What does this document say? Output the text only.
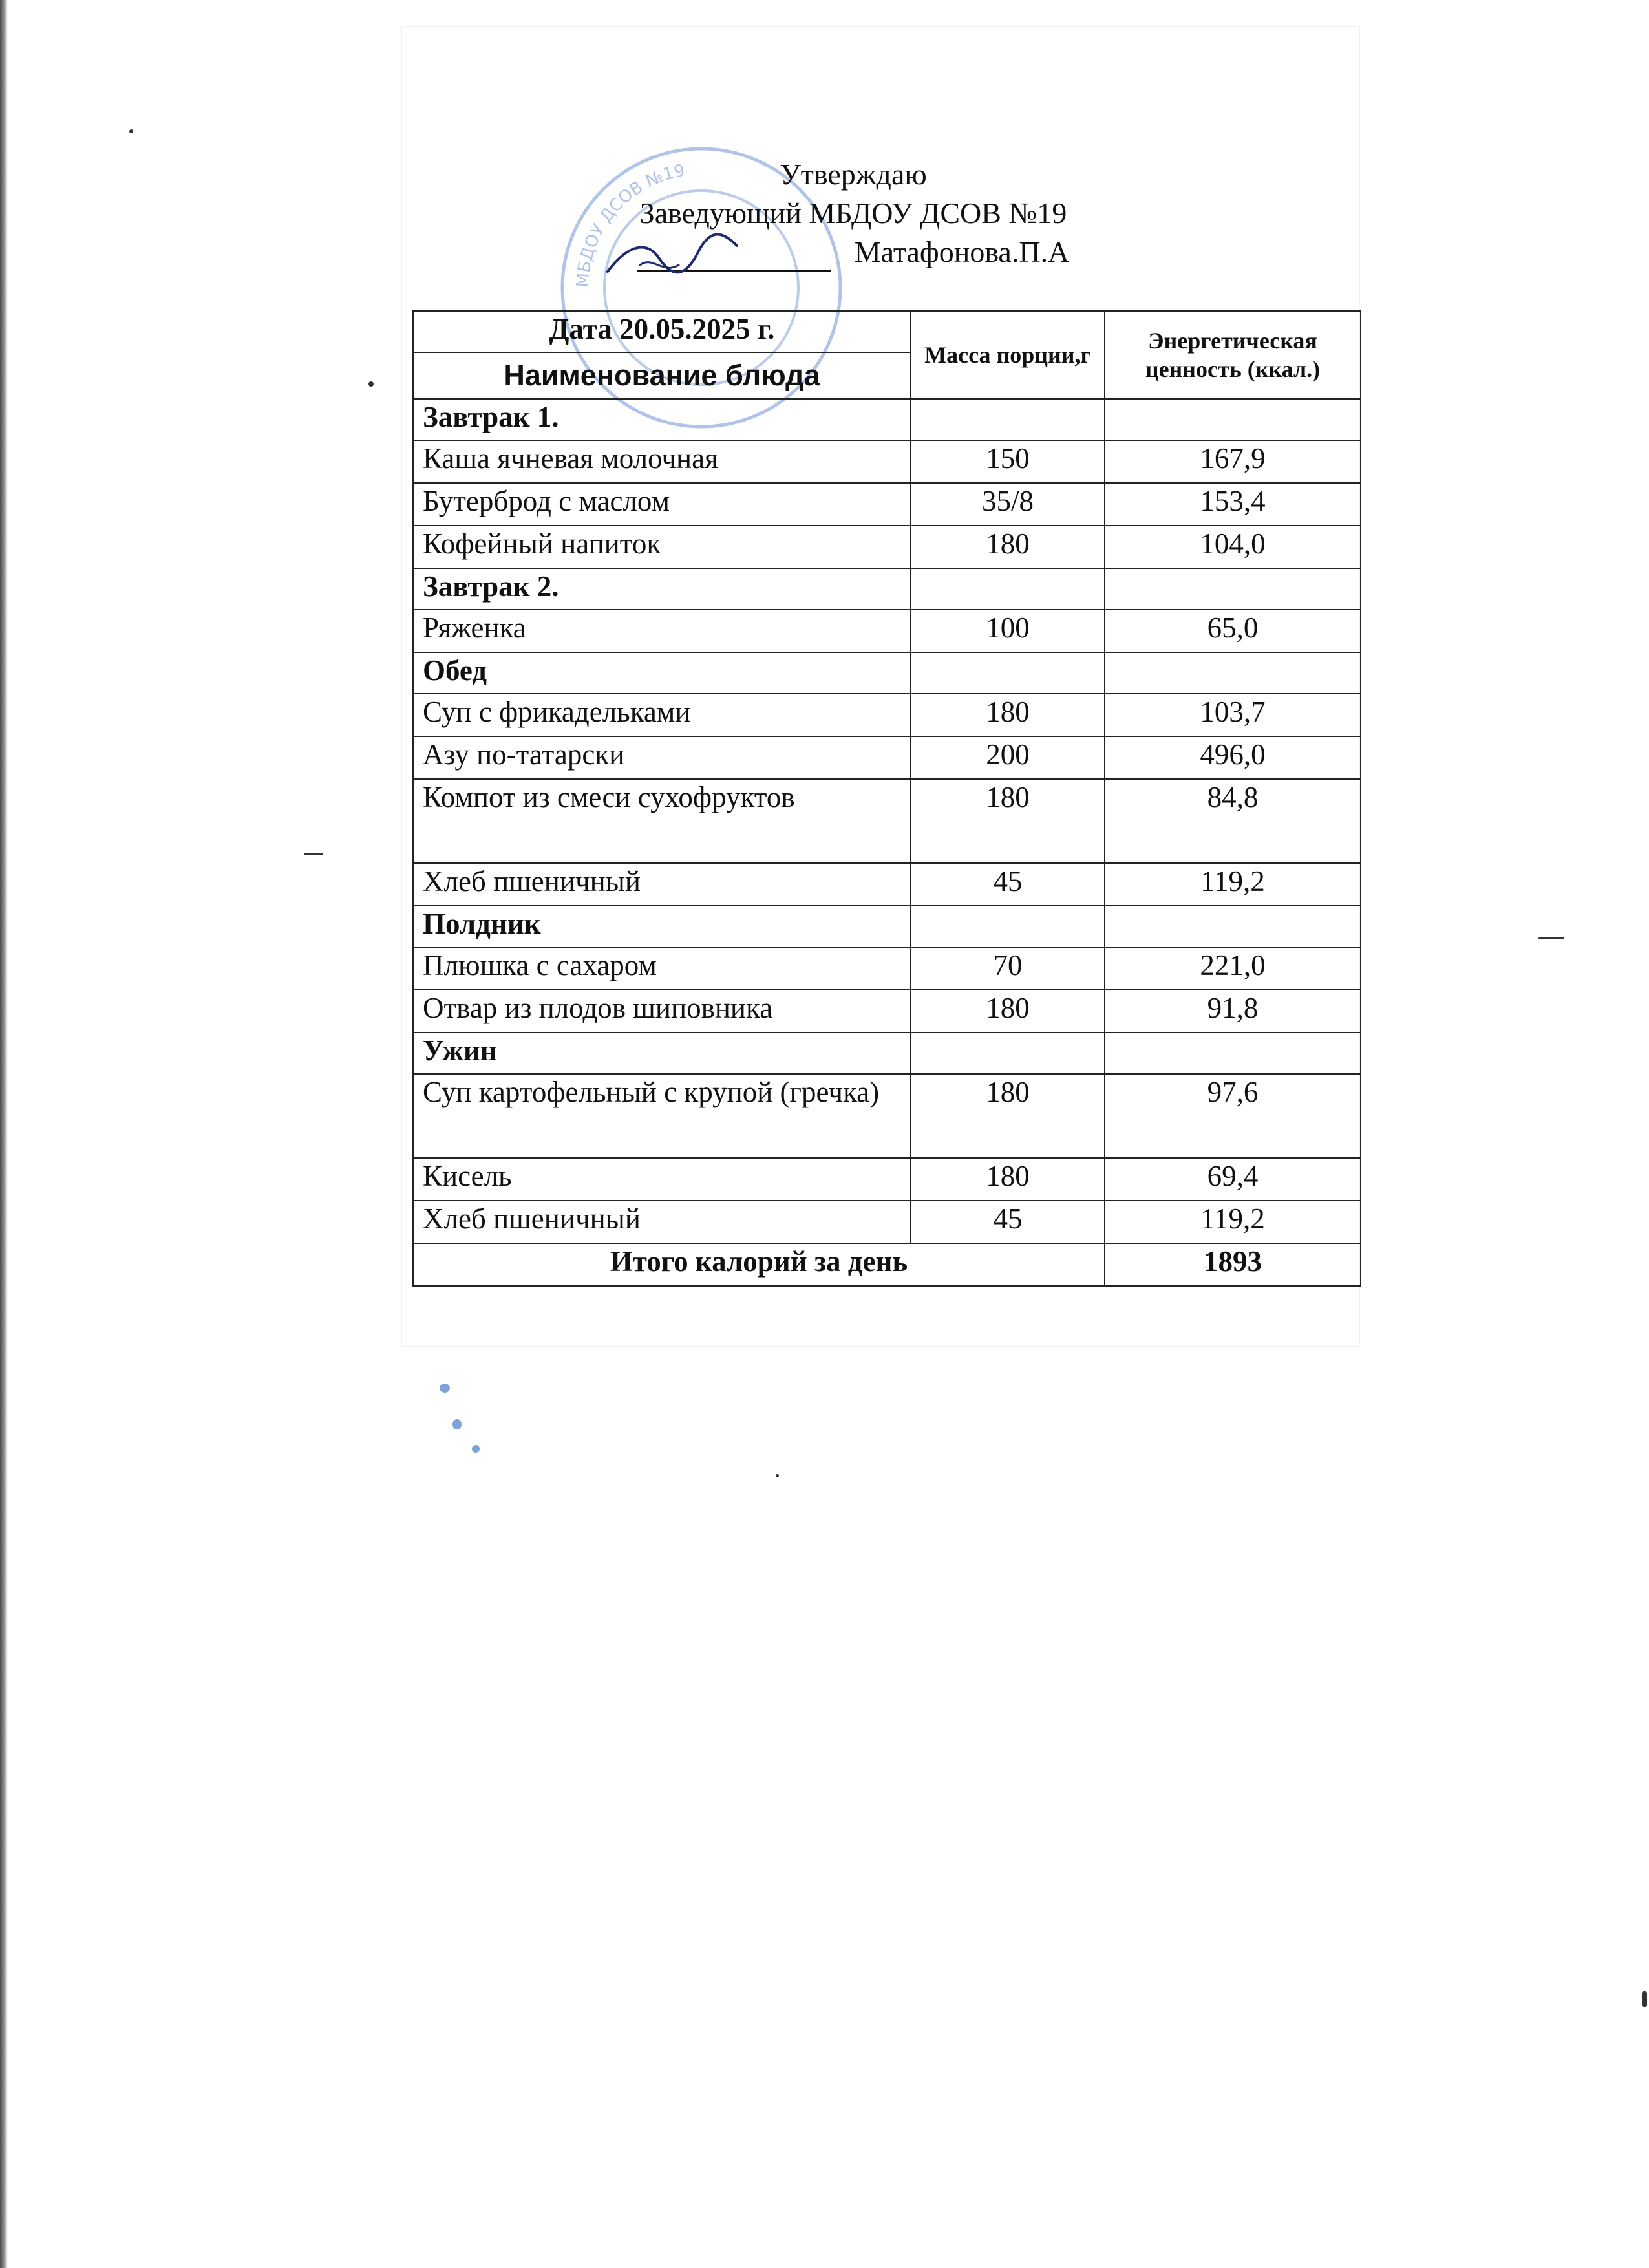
МБДОУ ДСОВ №19	Утверждаю
Заведующий МБДОУ ДСОВ №19
Матафонова.П.А
Дата 20.05.2025 г.	Масса порции,г	Энергетическая ценность (ккал.)
Наименование блюда		
Завтрак 1.		
Каша ячневая молочная	150	167,9
Бутерброд с маслом	35/8	153,4
Кофейный напиток	180	104,0
Завтрак 2.		
Ряженка	100	65,0
Обед		
Суп с фрикадельками	180	103,7
Азу по-татарски	200	496,0
Компот из смеси сухофруктов	180	84,8
Хлеб пшеничный	45	119,2
Полдник		
Плюшка с сахаром	70	221,0
Отвар из плодов шиповника	180	91,8
Ужин		
Суп картофельный с крупой (гречка)	180	97,6
Кисель	180	69,4
Хлеб пшеничный	45	119,2
Итого калорий за день		1893
